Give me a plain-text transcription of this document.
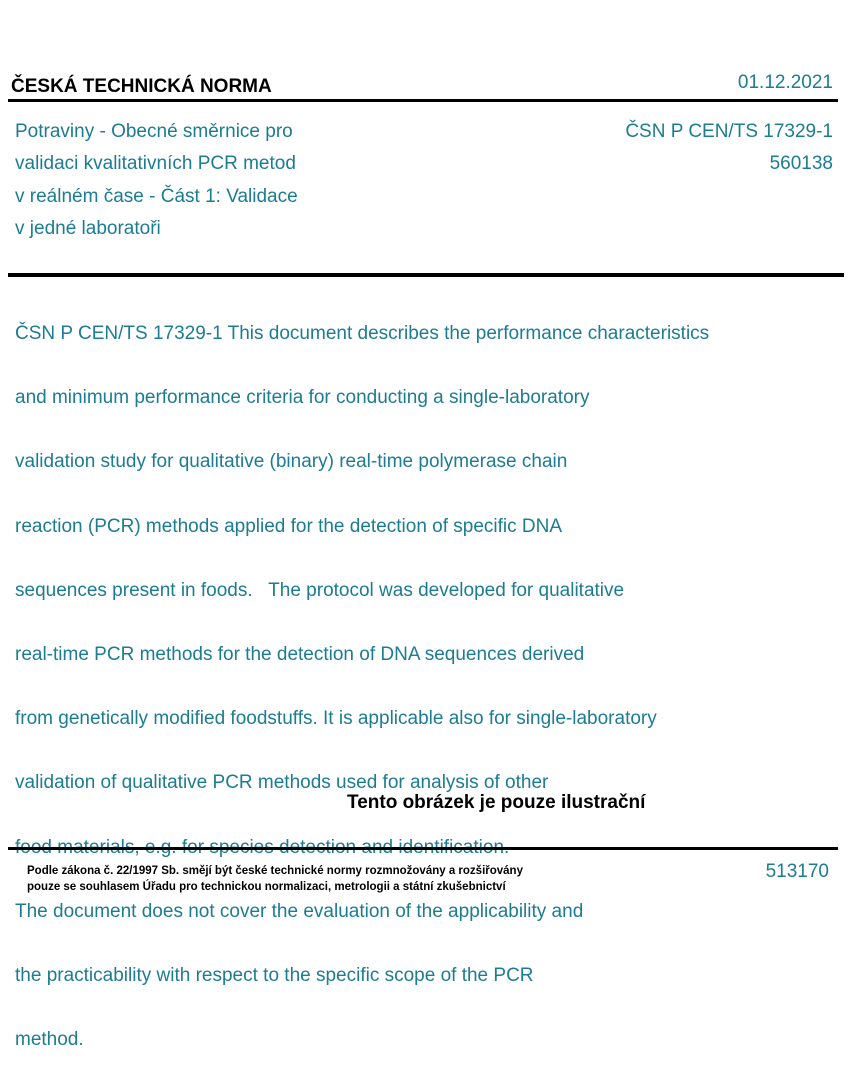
ČESKÁ TECHNICKÁ NORMA	01.12.2021
Potraviny - Obecné směrnice pro
validaci kvalitativních PCR metod
v reálném čase - Část 1: Validace
v jedné laboratoři
ČSN P CEN/TS 17329-1
560138

ČSN P CEN/TS 17329-1 This document describes the performance characteristics

and minimum performance criteria for conducting a single-laboratory

validation study for qualitative (binary) real-time polymerase chain

reaction (PCR) methods applied for the detection of specific DNA

sequences present in foods.   The protocol was developed for qualitative

real-time PCR methods for the detection of DNA sequences derived

from genetically modified foodstuffs. It is applicable also for single-laboratory

validation of qualitative PCR methods used for analysis of other

The document does not cover the evaluation of the applicability and

the practicability with respect to the specific scope of the PCR

method.

Tento obrázek je pouze ilustrační
Podle zákona č. 22/1997 Sb. smějí být české technické normy rozmnožovány a rozšiřovány
pouze se souhlasem Úřadu pro technickou normalizaci, metrologii a státní zkušebnictví
513170
